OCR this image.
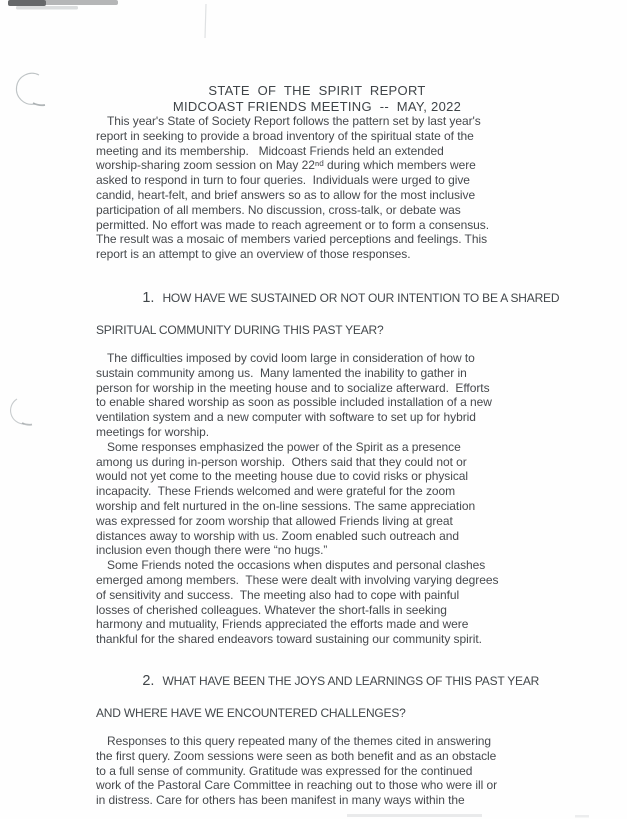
STATE  OF  THE  SPIRIT  REPORT
MIDCOAST FRIENDS MEETING  --  MAY, 2022
This year's State of Society Report follows the pattern set by last year's
report in seeking to provide a broad inventory of the spiritual state of the
meeting and its membership.   Midcoast Friends held an extended
worship-sharing zoom session on May 22ⁿᵈ during which members were
asked to respond in turn to four queries.  Individuals were urged to give
candid, heart-felt, and brief answers so as to allow for the most inclusive
participation of all members. No discussion, cross-talk, or debate was
permitted. No effort was made to reach agreement or to form a consensus.
The result was a mosaic of members varied perceptions and feelings. This
report is an attempt to give an overview of those responses.

1. HOW HAVE WE SUSTAINED OR NOT OUR INTENTION TO BE A SHARED

SPIRITUAL COMMUNITY DURING THIS PAST YEAR?
The difficulties imposed by covid loom large in consideration of how to
sustain community among us.  Many lamented the inability to gather in
person for worship in the meeting house and to socialize afterward.  Efforts
to enable shared worship as soon as possible included installation of a new
ventilation system and a new computer with software to set up for hybrid
meetings for worship.
Some responses emphasized the power of the Spirit as a presence
among us during in-person worship.  Others said that they could not or
would not yet come to the meeting house due to covid risks or physical
incapacity.  These Friends welcomed and were grateful for the zoom
worship and felt nurtured in the on-line sessions. The same appreciation
was expressed for zoom worship that allowed Friends living at great
distances away to worship with us. Zoom enabled such outreach and
inclusion even though there were “no hugs.”
Some Friends noted the occasions when disputes and personal clashes
emerged among members.  These were dealt with involving varying degrees
of sensitivity and success.  The meeting also had to cope with painful
losses of cherished colleagues. Whatever the short-falls in seeking
harmony and mutuality, Friends appreciated the efforts made and were
thankful for the shared endeavors toward sustaining our community spirit.

2. WHAT HAVE BEEN THE JOYS AND LEARNINGS OF THIS PAST YEAR

AND WHERE HAVE WE ENCOUNTERED CHALLENGES?
Responses to this query repeated many of the themes cited in answering
the first query. Zoom sessions were seen as both benefit and as an obstacle
to a full sense of community. Gratitude was expressed for the continued
work of the Pastoral Care Committee in reaching out to those who were ill or
in distress. Care for others has been manifest in many ways within the
